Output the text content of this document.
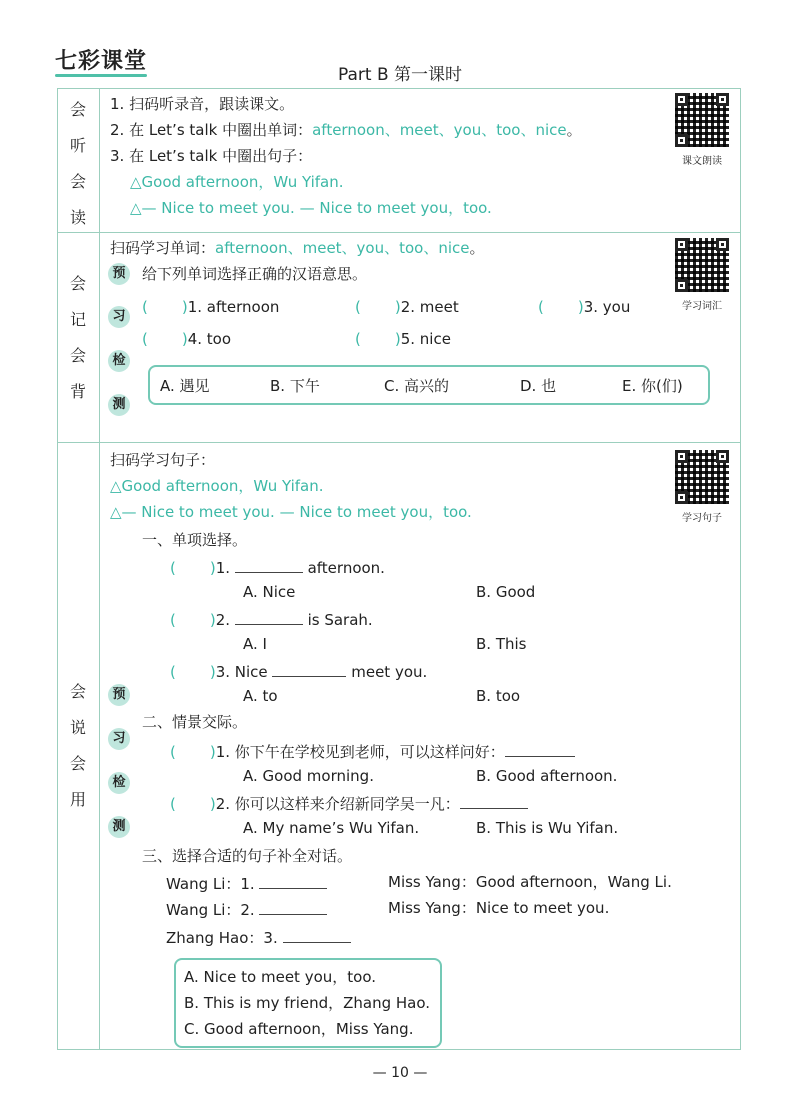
七彩课堂
Part B 第一课时
会
听
会
读
会
记
会
背
会
说
会
用
1. 扫码听录音，跟读课文。
2. 在 Let’s talk 中圈出单词：afternoon、meet、you、too、nice。
3. 在 Let’s talk 中圈出句子：
△Good afternoon，Wu Yifan.
△— Nice to meet you. — Nice to meet you，too.
课文朗读
扫码学习单词：afternoon、meet、you、too、nice。
预
习
检
测
给下列单词选择正确的汉语意思。
( )1. afternoon	( )2. meet	( )3. you
( )4. too	( )5. nice
A. 遇见	B. 下午	C. 高兴的	D. 也	E. 你(们)
学习词汇
扫码学习句子：
△Good afternoon，Wu Yifan.
△— Nice to meet you. — Nice to meet you，too.	学习句子
一、单项选择。
( )1.	afternoon.
A. Nice	B. Good
( )2.	is Sarah.
A. I	B. This
( )3. Nice	meet you.
A. to	B. too
预
习
检
测
二、情景交际。
( )1. 你下午在学校见到老师，可以这样问好：
A. Good morning.	B. Good afternoon.
( )2. 你可以这样来介绍新同学吴一凡：
A. My name’s Wu Yifan.	B. This is Wu Yifan.
三、选择合适的句子补全对话。
Wang Li：1.	Miss Yang：Good afternoon，Wang Li.
Wang Li：2.	Miss Yang：Nice to meet you.
Zhang Hao：3.
A. Nice to meet you，too.
B. This is my friend，Zhang Hao.
C. Good afternoon，Miss Yang.
— 10 —
